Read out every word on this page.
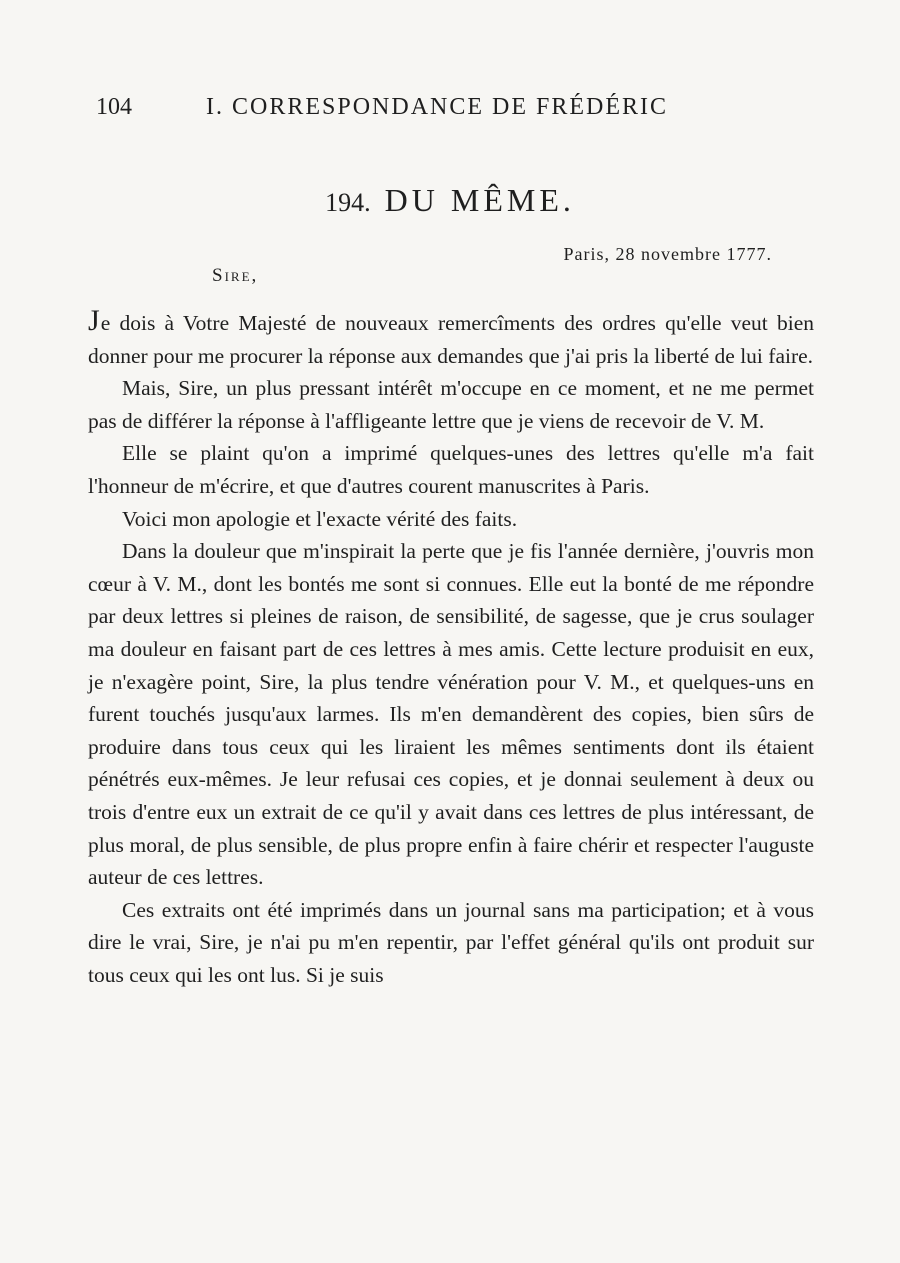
104	I. CORRESPONDANCE DE FRÉDÉRIC
194. DU MÊME.
Paris, 28 novembre 1777.
Sire,

Je dois à Votre Majesté de nouveaux remercîments des ordres qu'elle veut bien donner pour me procurer la réponse aux demandes que j'ai pris la liberté de lui faire.

Mais, Sire, un plus pressant intérêt m'occupe en ce moment, et ne me permet pas de différer la réponse à l'affligeante lettre que je viens de recevoir de V. M.

Elle se plaint qu'on a imprimé quelques-unes des lettres qu'elle m'a fait l'honneur de m'écrire, et que d'autres courent manuscrites à Paris.

Voici mon apologie et l'exacte vérité des faits.

Dans la douleur que m'inspirait la perte que je fis l'année dernière, j'ouvris mon cœur à V. M., dont les bontés me sont si connues. Elle eut la bonté de me répondre par deux lettres si pleines de raison, de sensibilité, de sagesse, que je crus soulager ma douleur en faisant part de ces lettres à mes amis. Cette lecture produisit en eux, je n'exagère point, Sire, la plus tendre vénération pour V. M., et quelques-uns en furent touchés jusqu'aux larmes. Ils m'en demandèrent des copies, bien sûrs de produire dans tous ceux qui les liraient les mêmes sentiments dont ils étaient pénétrés eux-mêmes. Je leur refusai ces copies, et je donnai seulement à deux ou trois d'entre eux un extrait de ce qu'il y avait dans ces lettres de plus intéressant, de plus moral, de plus sensible, de plus propre enfin à faire chérir et respecter l'auguste auteur de ces lettres.

Ces extraits ont été imprimés dans un journal sans ma participation; et à vous dire le vrai, Sire, je n'ai pu m'en repentir, par l'effet général qu'ils ont produit sur tous ceux qui les ont lus. Si je suis
